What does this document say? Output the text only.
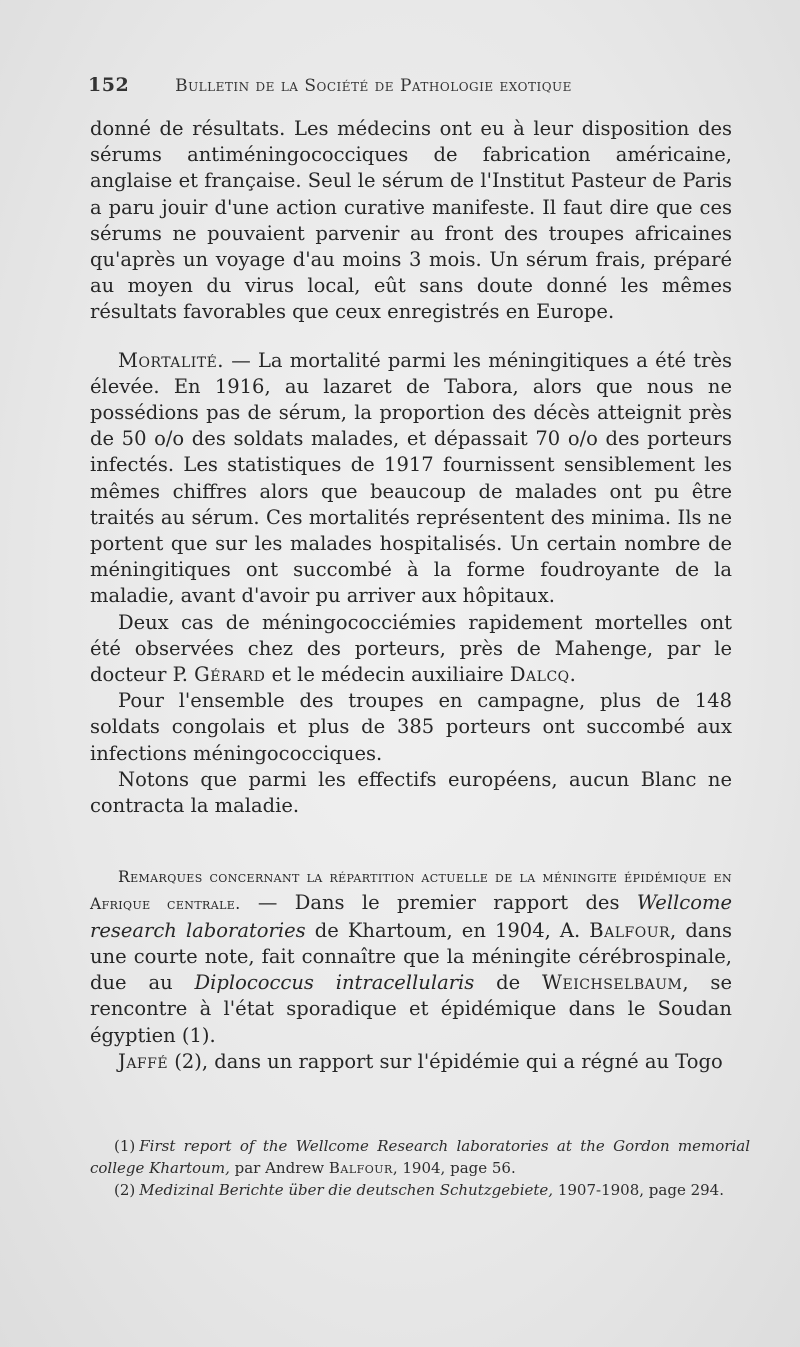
152	Bulletin de la Société de Pathologie exotique

donné de résultats. Les médecins ont eu à leur disposition des sérums antiméningococciques de fabrication américaine, anglaise et française. Seul le sérum de l'Institut Pasteur de Paris a paru jouir d'une action curative manifeste. Il faut dire que ces sérums ne pouvaient parvenir au front des troupes africaines qu'après un voyage d'au moins 3 mois. Un sérum frais, préparé au moyen du virus local, eût sans doute donné les mêmes résultats favorables que ceux enregistrés en Europe.

Mortalité. — La mortalité parmi les méningitiques a été très élevée. En 1916, au lazaret de Tabora, alors que nous ne possédions pas de sérum, la proportion des décès atteignit près de 50 o/o des soldats malades, et dépassait 70 o/o des porteurs infectés. Les statistiques de 1917 fournissent sensiblement les mêmes chiffres alors que beaucoup de malades ont pu être traités au sérum. Ces mortalités représentent des minima. Ils ne portent que sur les malades hospitalisés. Un certain nombre de méningitiques ont succombé à la forme foudroyante de la maladie, avant d'avoir pu arriver aux hôpitaux.

Deux cas de méningococciémies rapidement mortelles ont été observées chez des porteurs, près de Mahenge, par le docteur P. Gérard et le médecin auxiliaire Dalcq.

Pour l'ensemble des troupes en campagne, plus de 148 soldats congolais et plus de 385 porteurs ont succombé aux infections méningococciques.

Notons que parmi les effectifs européens, aucun Blanc ne contracta la maladie.

Remarques concernant la répartition actuelle de la méningite épidémique en Afrique centrale. — Dans le premier rapport des Wellcome research laboratories de Khartoum, en 1904, A. Balfour, dans une courte note, fait connaître que la méningite cérébrospinale, due au Diplococcus intracellularis de Weichselbaum, se rencontre à l'état sporadique et épidémique dans le Soudan égyptien (1).

Jaffé (2), dans un rapport sur l'épidémie qui a régné au Togo

(1) First report of the Wellcome Research laboratories at the Gordon memorial college Khartoum, par Andrew Balfour, 1904, page 56.

(2) Medizinal Berichte über die deutschen Schutzgebiete, 1907-1908, page 294.
